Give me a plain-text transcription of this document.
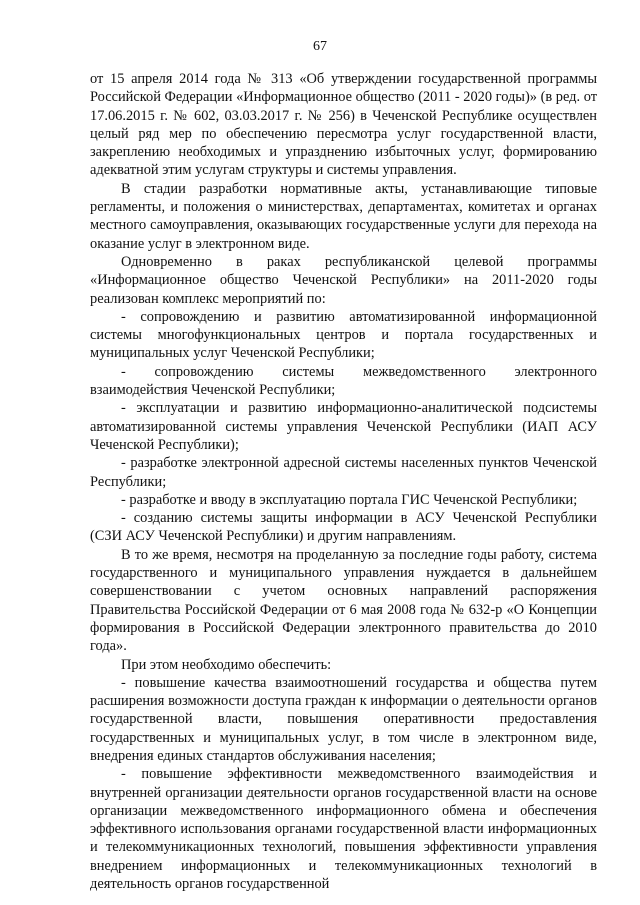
67

от 15 апреля 2014 года № 313 «Об утверждении государственной программы Российской Федерации «Информационное общество (2011 - 2020 годы)» (в ред. от 17.06.2015 г. № 602, 03.03.2017 г. № 256) в Чеченской Республике осуществлен целый ряд мер по обеспечению пересмотра услуг государственной власти, закреплению необходимых и упразднению избыточных услуг, формированию адекватной этим услугам структуры и системы управления.

В стадии разработки нормативные акты, устанавливающие типовые регламенты, и положения о министерствах, департаментах, комитетах и органах местного самоуправления, оказывающих государственные услуги для перехода на оказание услуг в электронном виде.

Одновременно в раках республиканской целевой программы «Информационное общество Чеченской Республики» на 2011-2020 годы реализован комплекс мероприятий по:

- сопровождению и развитию автоматизированной информационной системы многофункциональных центров и портала государственных и муниципальных услуг Чеченской Республики;

- сопровождению системы межведомственного электронного взаимодействия Чеченской Республики;

- эксплуатации и развитию информационно-аналитической подсистемы автоматизированной системы управления Чеченской Республики (ИАП АСУ Чеченской Республики);

- разработке электронной адресной системы населенных пунктов Чеченской Республики;

- разработке и вводу в эксплуатацию портала ГИС Чеченской Республики;

- созданию системы защиты информации в АСУ Чеченской Республики (СЗИ АСУ Чеченской Республики) и другим направлениям.

В то же время, несмотря на проделанную за последние годы работу, система государственного и муниципального управления нуждается в дальнейшем совершенствовании с учетом основных направлений распоряжения Правительства Российской Федерации от 6 мая 2008 года № 632-р «О Концепции формирования в Российской Федерации электронного правительства до 2010 года».

При этом необходимо обеспечить:

- повышение качества взаимоотношений государства и общества путем расширения возможности доступа граждан к информации о деятельности органов государственной власти, повышения оперативности предоставления государственных и муниципальных услуг, в том числе в электронном виде, внедрения единых стандартов обслуживания населения;

- повышение эффективности межведомственного взаимодействия и внутренней организации деятельности органов государственной власти на основе организации межведомственного информационного обмена и обеспечения эффективного использования органами государственной власти информационных и телекоммуникационных технологий, повышения эффективности управления внедрением информационных и телекоммуникационных технологий в деятельность органов государственной
